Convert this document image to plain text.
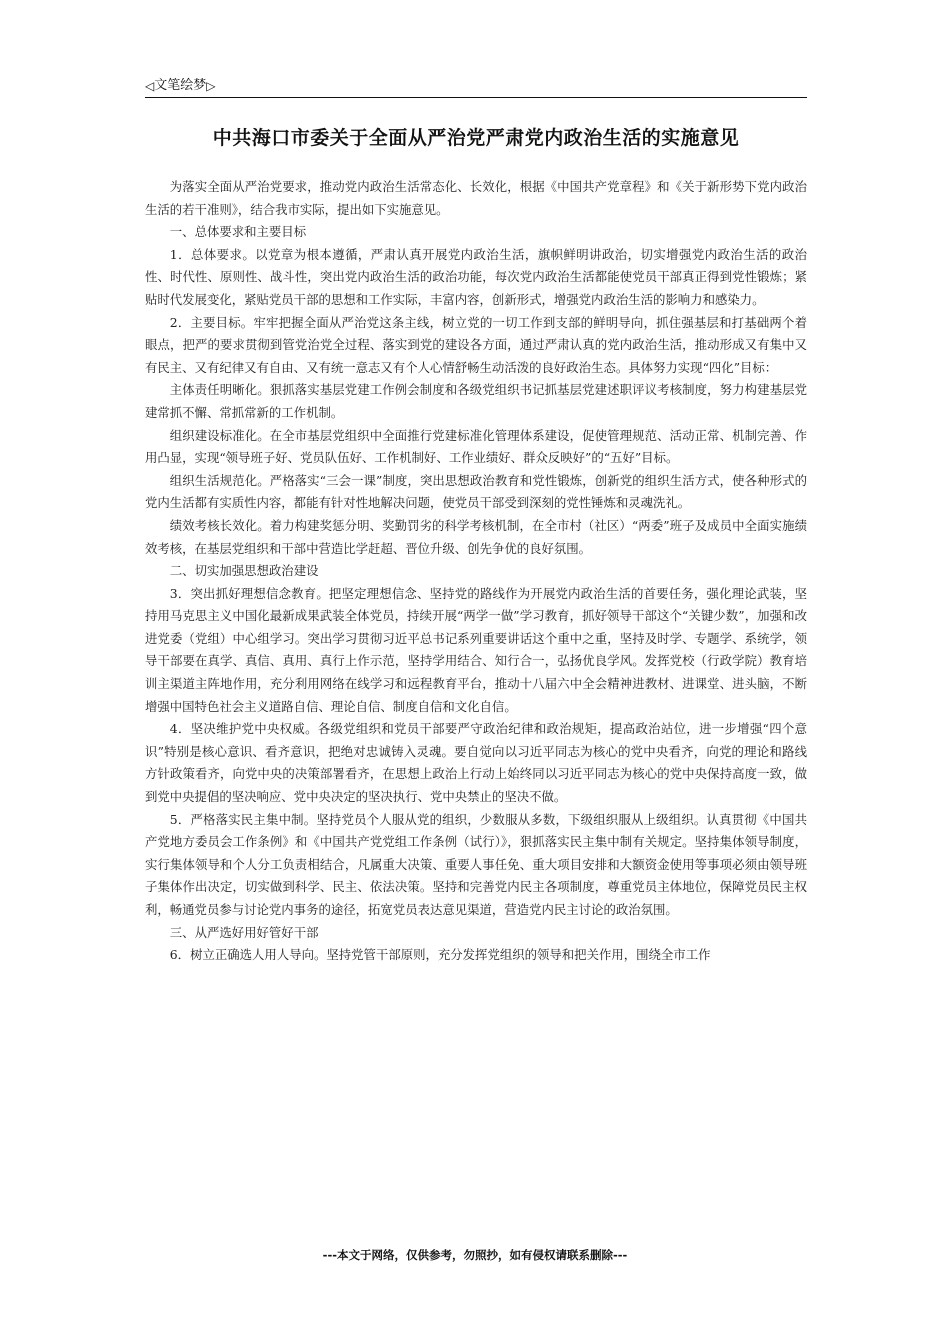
◁ 文笔绘梦 ▷
中共海口市委关于全面从严治党严肃党内政治生活的实施意见

为落实全面从严治党要求，推动党内政治生活常态化、长效化，根据《中国共产党章程》和《关于新形势下党内政治生活的若干准则》，结合我市实际，提出如下实施意见。

一、总体要求和主要目标

1．总体要求。以党章为根本遵循，严肃认真开展党内政治生活，旗帜鲜明讲政治，切实增强党内政治生活的政治性、时代性、原则性、战斗性，突出党内政治生活的政治功能，每次党内政治生活都能使党员干部真正得到党性锻炼；紧贴时代发展变化，紧贴党员干部的思想和工作实际，丰富内容，创新形式，增强党内政治生活的影响力和感染力。

2．主要目标。牢牢把握全面从严治党这条主线，树立党的一切工作到支部的鲜明导向，抓住强基层和打基础两个着眼点，把严的要求贯彻到管党治党全过程、落实到党的建设各方面，通过严肃认真的党内政治生活，推动形成又有集中又有民主、又有纪律又有自由、又有统一意志又有个人心情舒畅生动活泼的良好政治生态。具体努力实现“四化”目标：

主体责任明晰化。狠抓落实基层党建工作例会制度和各级党组织书记抓基层党建述职评议考核制度，努力构建基层党建常抓不懈、常抓常新的工作机制。

组织建设标准化。在全市基层党组织中全面推行党建标准化管理体系建设，促使管理规范、活动正常、机制完善、作用凸显，实现“领导班子好、党员队伍好、工作机制好、工作业绩好、群众反映好”的“五好”目标。

组织生活规范化。严格落实“三会一课”制度，突出思想政治教育和党性锻炼，创新党的组织生活方式，使各种形式的党内生活都有实质性内容，都能有针对性地解决问题，使党员干部受到深刻的党性锤炼和灵魂洗礼。

绩效考核长效化。着力构建奖惩分明、奖勤罚劣的科学考核机制，在全市村（社区）“两委”班子及成员中全面实施绩效考核，在基层党组织和干部中营造比学赶超、晋位升级、创先争优的良好氛围。

二、切实加强思想政治建设

3．突出抓好理想信念教育。把坚定理想信念、坚持党的路线作为开展党内政治生活的首要任务，强化理论武装，坚持用马克思主义中国化最新成果武装全体党员，持续开展“两学一做”学习教育，抓好领导干部这个“关键少数”，加强和改进党委（党组）中心组学习。突出学习贯彻习近平总书记系列重要讲话这个重中之重，坚持及时学、专题学、系统学，领导干部要在真学、真信、真用、真行上作示范，坚持学用结合、知行合一，弘扬优良学风。发挥党校（行政学院）教育培训主渠道主阵地作用，充分利用网络在线学习和远程教育平台，推动十八届六中全会精神进教材、进课堂、进头脑，不断增强中国特色社会主义道路自信、理论自信、制度自信和文化自信。

4．坚决维护党中央权威。各级党组织和党员干部要严守政治纪律和政治规矩，提高政治站位，进一步增强“四个意识”特别是核心意识、看齐意识，把绝对忠诚铸入灵魂。要自觉向以习近平同志为核心的党中央看齐，向党的理论和路线方针政策看齐，向党中央的决策部署看齐，在思想上政治上行动上始终同以习近平同志为核心的党中央保持高度一致，做到党中央提倡的坚决响应、党中央决定的坚决执行、党中央禁止的坚决不做。

5．严格落实民主集中制。坚持党员个人服从党的组织，少数服从多数，下级组织服从上级组织。认真贯彻《中国共产党地方委员会工作条例》和《中国共产党党组工作条例（试行）》，狠抓落实民主集中制有关规定。坚持集体领导制度，实行集体领导和个人分工负责相结合，凡属重大决策、重要人事任免、重大项目安排和大额资金使用等事项必须由领导班子集体作出决定，切实做到科学、民主、依法决策。坚持和完善党内民主各项制度，尊重党员主体地位，保障党员民主权利，畅通党员参与讨论党内事务的途径，拓宽党员表达意见渠道，营造党内民主讨论的政治氛围。

三、从严选好用好管好干部

6．树立正确选人用人导向。坚持党管干部原则，充分发挥党组织的领导和把关作用，围绕全市工作

---本文于网络，仅供参考，勿照抄，如有侵权请联系删除---
